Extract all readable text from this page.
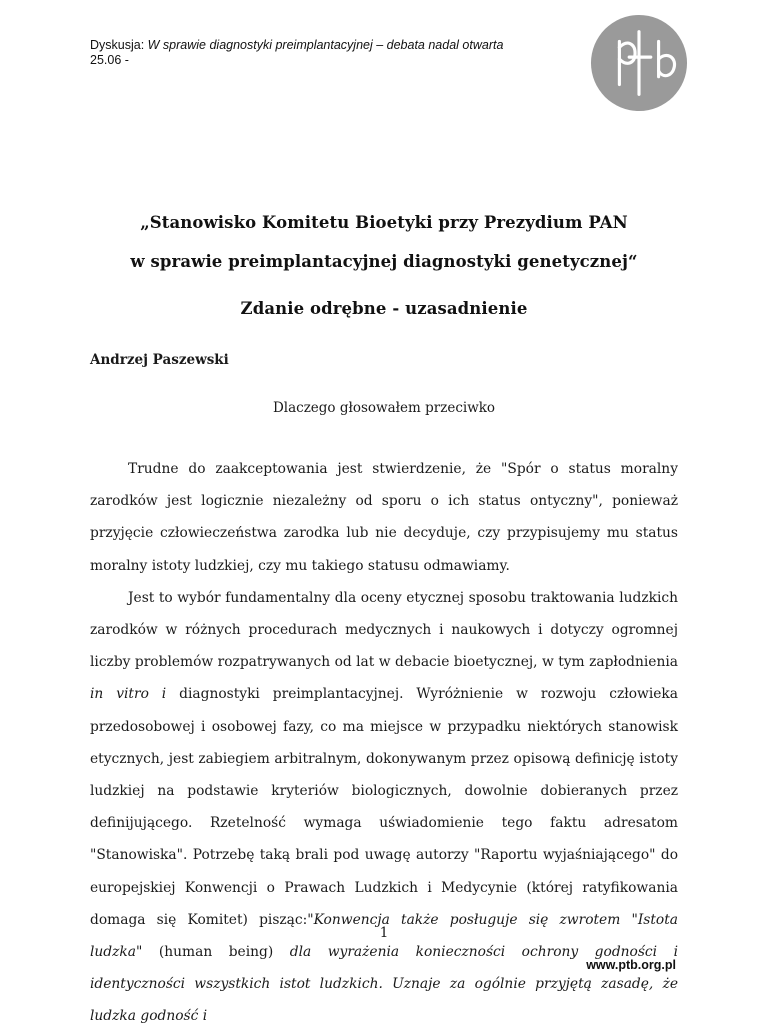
Dyskusja: W sprawie diagnostyki preimplantacyjnej – debata nadal otwarta
25.06 -
„Stanowisko Komitetu Bioetyki przy Prezydium PAN
w sprawie preimplantacyjnej diagnostyki genetycznej“
Zdanie odrębne - uzasadnienie
Andrzej Paszewski
Dlaczego głosowałem przeciwko

Trudne do zaakceptowania jest stwierdzenie, że "Spór o status moralny zarodków jest logicznie niezależny od sporu o ich status ontyczny", ponieważ przyjęcie człowieczeństwa zarodka lub nie decyduje, czy przypisujemy mu status moralny istoty ludzkiej, czy mu takiego statusu odmawiamy.

Jest to wybór fundamentalny dla oceny etycznej sposobu traktowania ludzkich zarodków w różnych procedurach medycznych i naukowych i dotyczy ogromnej liczby problemów rozpatrywanych od lat w debacie bioetycznej, w tym zapłodnienia in vitro i diagnostyki preimplantacyjnej. Wyróżnienie w rozwoju człowieka przedosobowej i osobowej fazy, co ma miejsce w przypadku niektórych stanowisk etycznych, jest zabiegiem arbitralnym, dokonywanym przez opisową definicję istoty ludzkiej na podstawie kryteriów biologicznych, dowolnie dobieranych przez definijującego. Rzetelność wymaga uświadomienie tego faktu adresatom "Stanowiska". Potrzebę taką brali pod uwagę autorzy "Raportu wyjaśniającego" do europejskiej Konwencji o Prawach Ludzkich i Medycynie (której ratyfikowania domaga się Komitet) pisząc:"Konwencja także posługuje się zwrotem "Istota ludzka" (human being) dla wyrażenia konieczności ochrony godności i identyczności wszystkich istot ludzkich. Uznaje za ogólnie przyjętą zasadę, że ludzka godność i

1
www.ptb.org.pl
